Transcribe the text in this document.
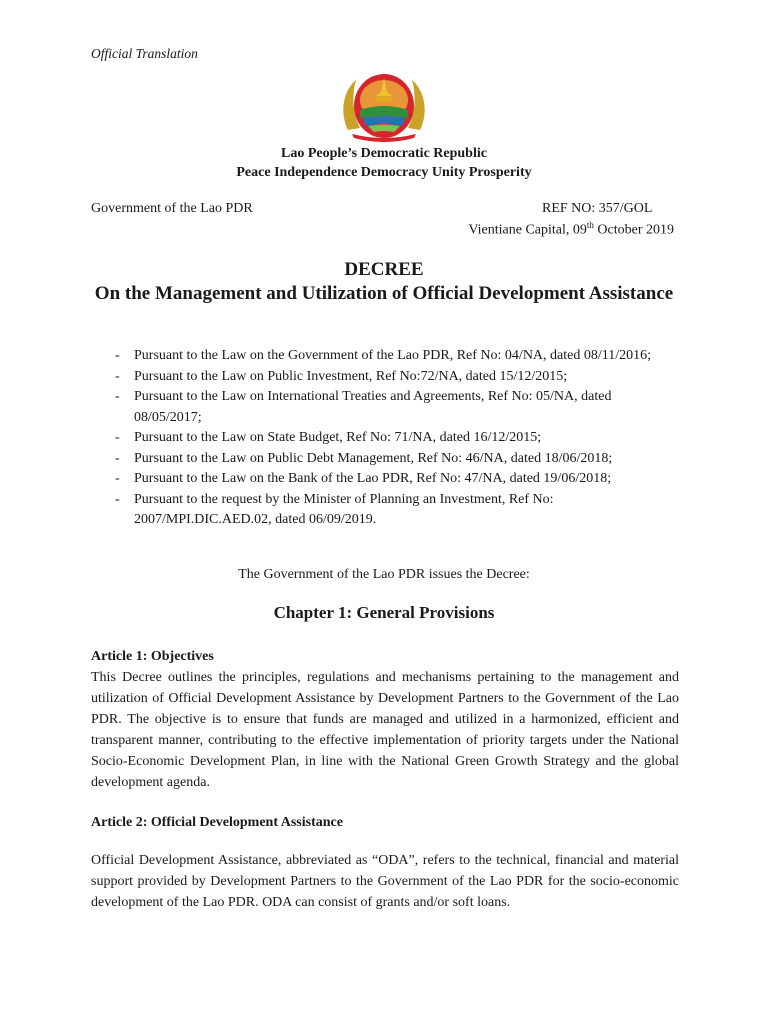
Official Translation
Lao People’s Democratic Republic
Peace Independence Democracy Unity Prosperity
Government of the Lao PDR	REF NO: 357/GOL
Vientiane Capital, 09th October 2019
DECREE
On the Management and Utilization of Official Development Assistance
- Pursuant to the Law on the Government of the Lao PDR, Ref No: 04/NA, dated 08/11/2016;
- Pursuant to the Law on Public Investment, Ref No:72/NA, dated 15/12/2015;
- Pursuant to the Law on International Treaties and Agreements, Ref No: 05/NA, dated 08/05/2017;
- Pursuant to the Law on State Budget, Ref No: 71/NA, dated 16/12/2015;
- Pursuant to the Law on Public Debt Management, Ref No: 46/NA, dated 18/06/2018;
- Pursuant to the Law on the Bank of the Lao PDR, Ref No: 47/NA, dated 19/06/2018;
- Pursuant to the request by the Minister of Planning an Investment, Ref No: 2007/MPI.DIC.AED.02, dated 06/09/2019.
The Government of the Lao PDR issues the Decree:
Chapter 1: General Provisions
Article 1: Objectives
This Decree outlines the principles, regulations and mechanisms pertaining to the management and utilization of Official Development Assistance by Development Partners to the Government of the Lao PDR. The objective is to ensure that funds are managed and utilized in a harmonized, efficient and transparent manner, contributing to the effective implementation of priority targets under the National Socio-Economic Development Plan, in line with the National Green Growth Strategy and the global development agenda.
Article 2: Official Development Assistance
Official Development Assistance, abbreviated as “ODA”, refers to the technical, financial and material support provided by Development Partners to the Government of the Lao PDR for the socio-economic development of the Lao PDR. ODA can consist of grants and/or soft loans.
